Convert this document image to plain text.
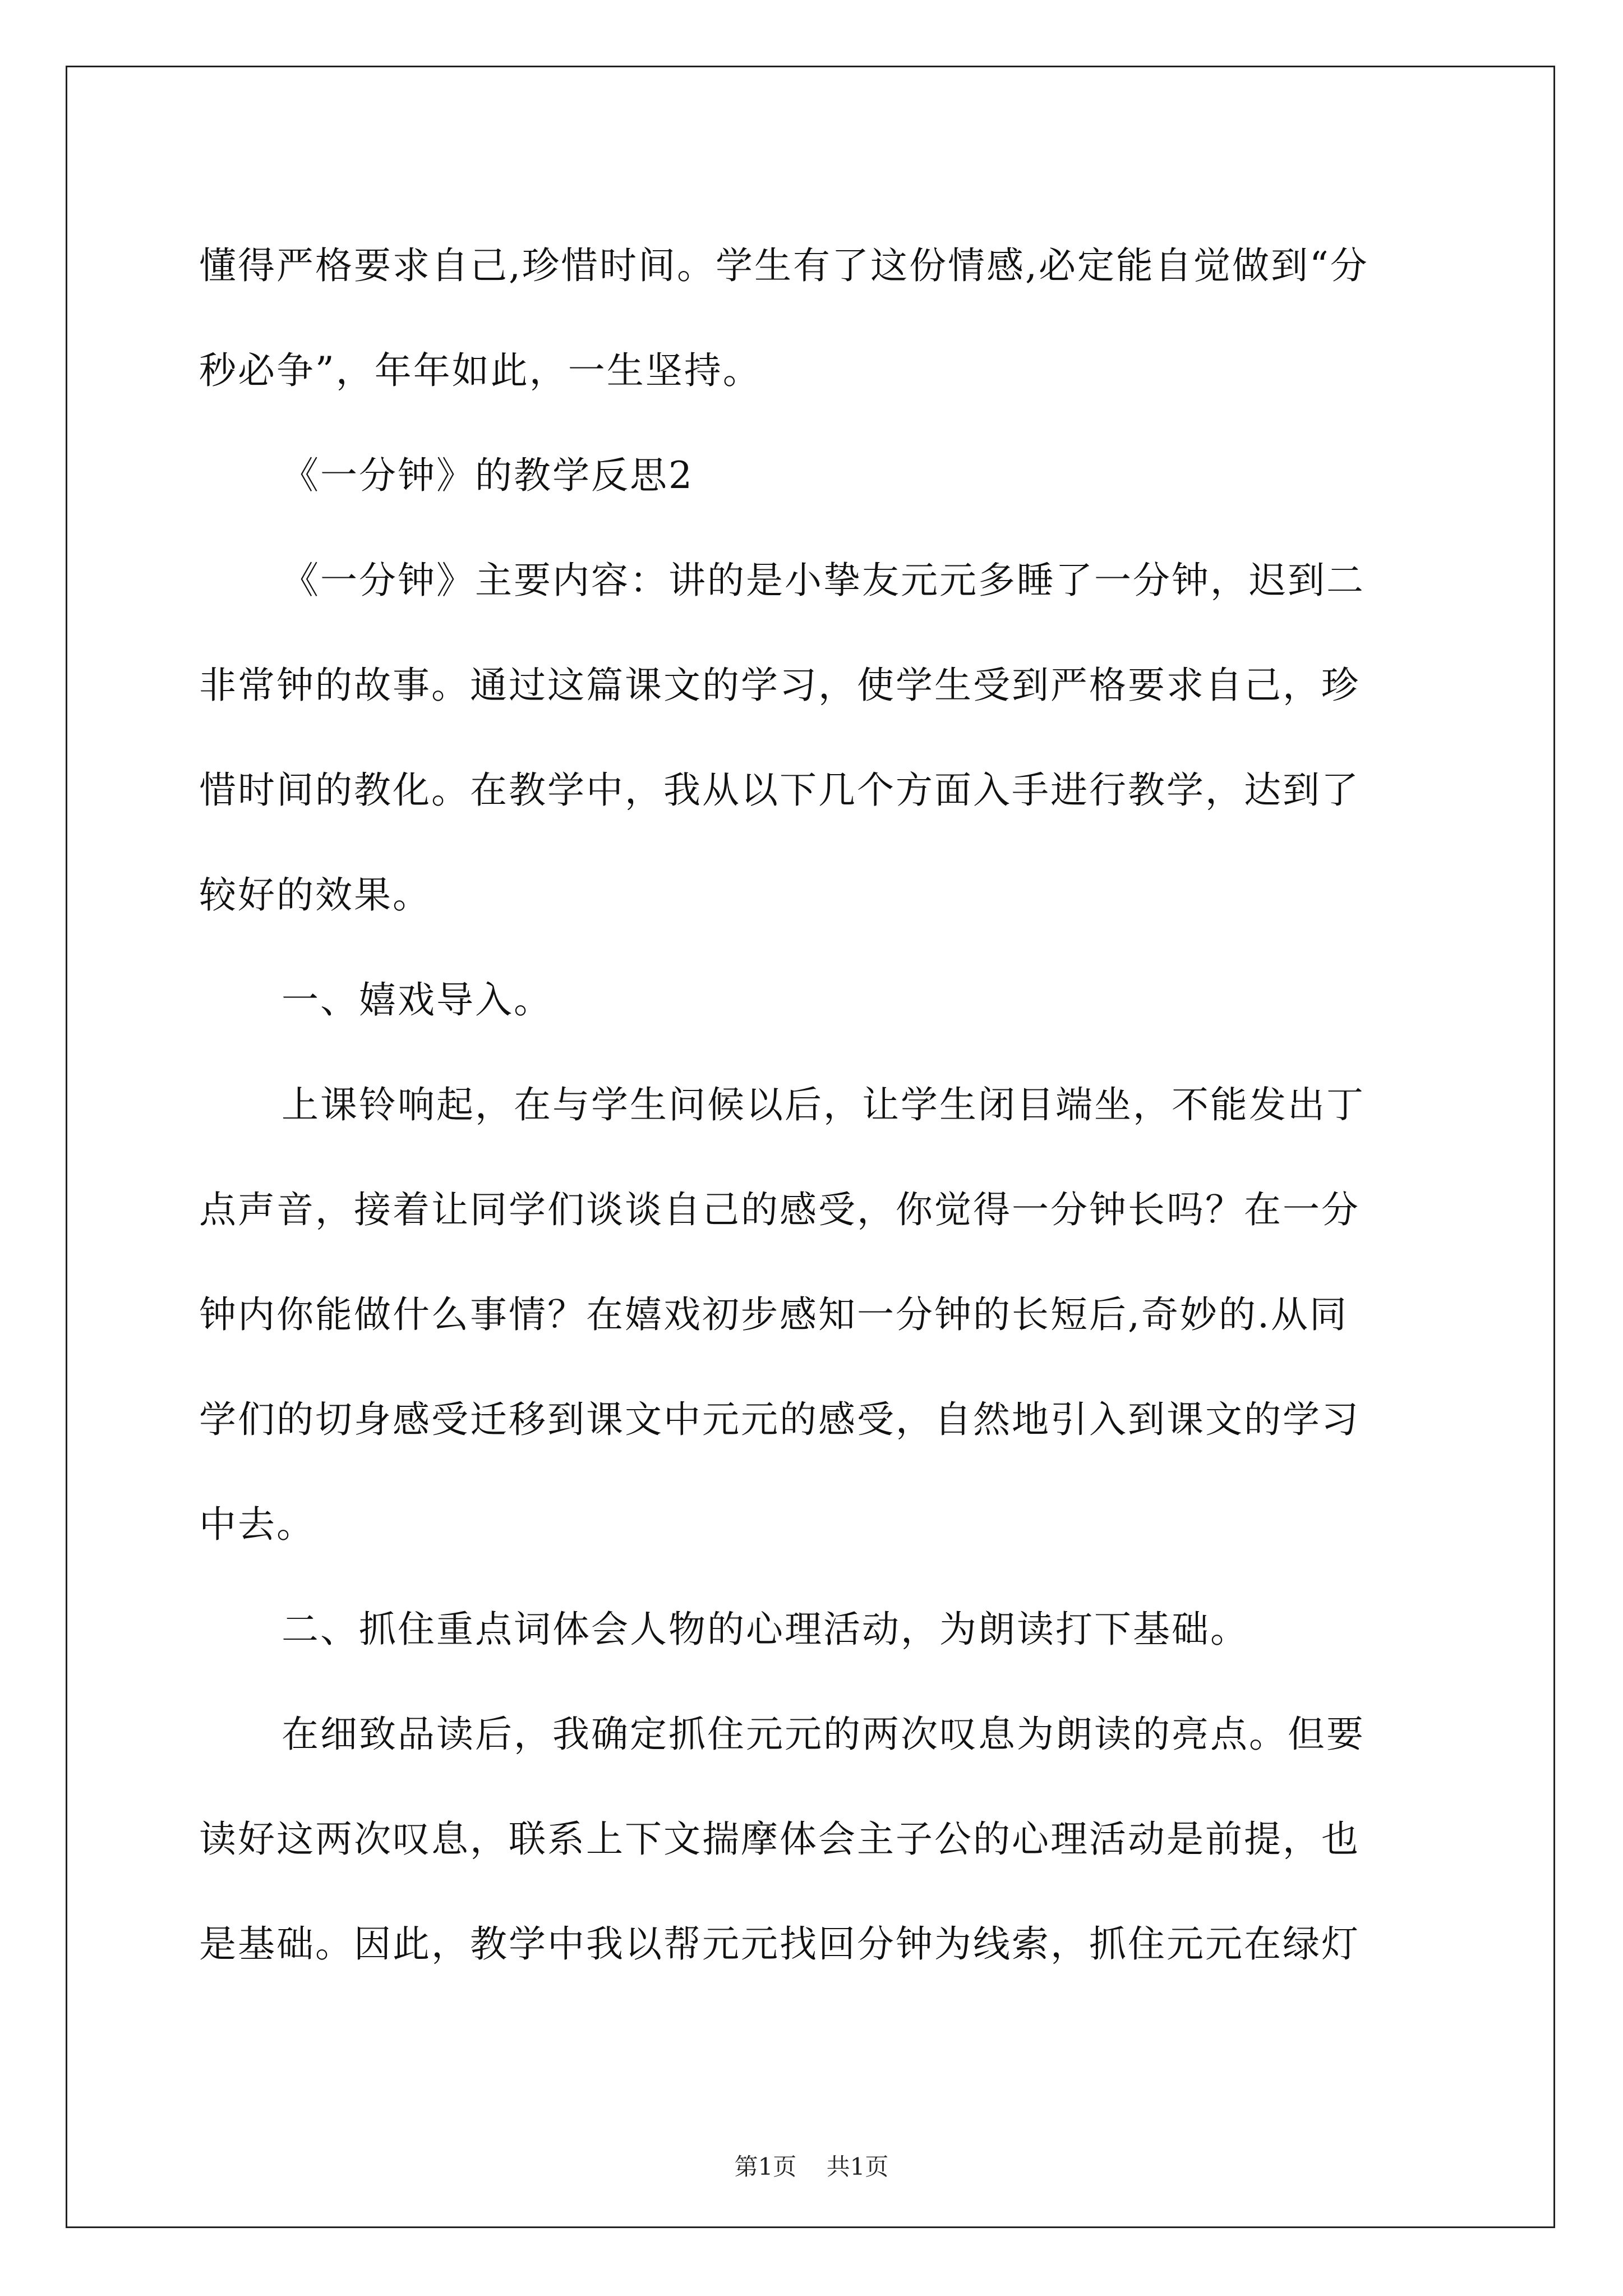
懂得严格要求自己,珍惜时间。学生有了这份情感,必定能自觉做到“分
秒必争”，年年如此，一生坚持。
《一分钟》的教学反思2
《一分钟》主要内容：讲的是小挚友元元多睡了一分钟，迟到二
非常钟的故事。通过这篇课文的学习，使学生受到严格要求自己，珍
惜时间的教化。在教学中，我从以下几个方面入手进行教学，达到了
较好的效果。
一、嬉戏导入。
上课铃响起，在与学生问候以后，让学生闭目端坐，不能发出丁
点声音，接着让同学们谈谈自己的感受，你觉得一分钟长吗？在一分
钟内你能做什么事情？在嬉戏初步感知一分钟的长短后,奇妙的.从同
学们的切身感受迁移到课文中元元的感受，自然地引入到课文的学习
中去。
二、抓住重点词体会人物的心理活动，为朗读打下基础。
在细致品读后，我确定抓住元元的两次叹息为朗读的亮点。但要
读好这两次叹息，联系上下文揣摩体会主子公的心理活动是前提，也
是基础。因此，教学中我以帮元元找回分钟为线索，抓住元元在绿灯
第1页 共1页
